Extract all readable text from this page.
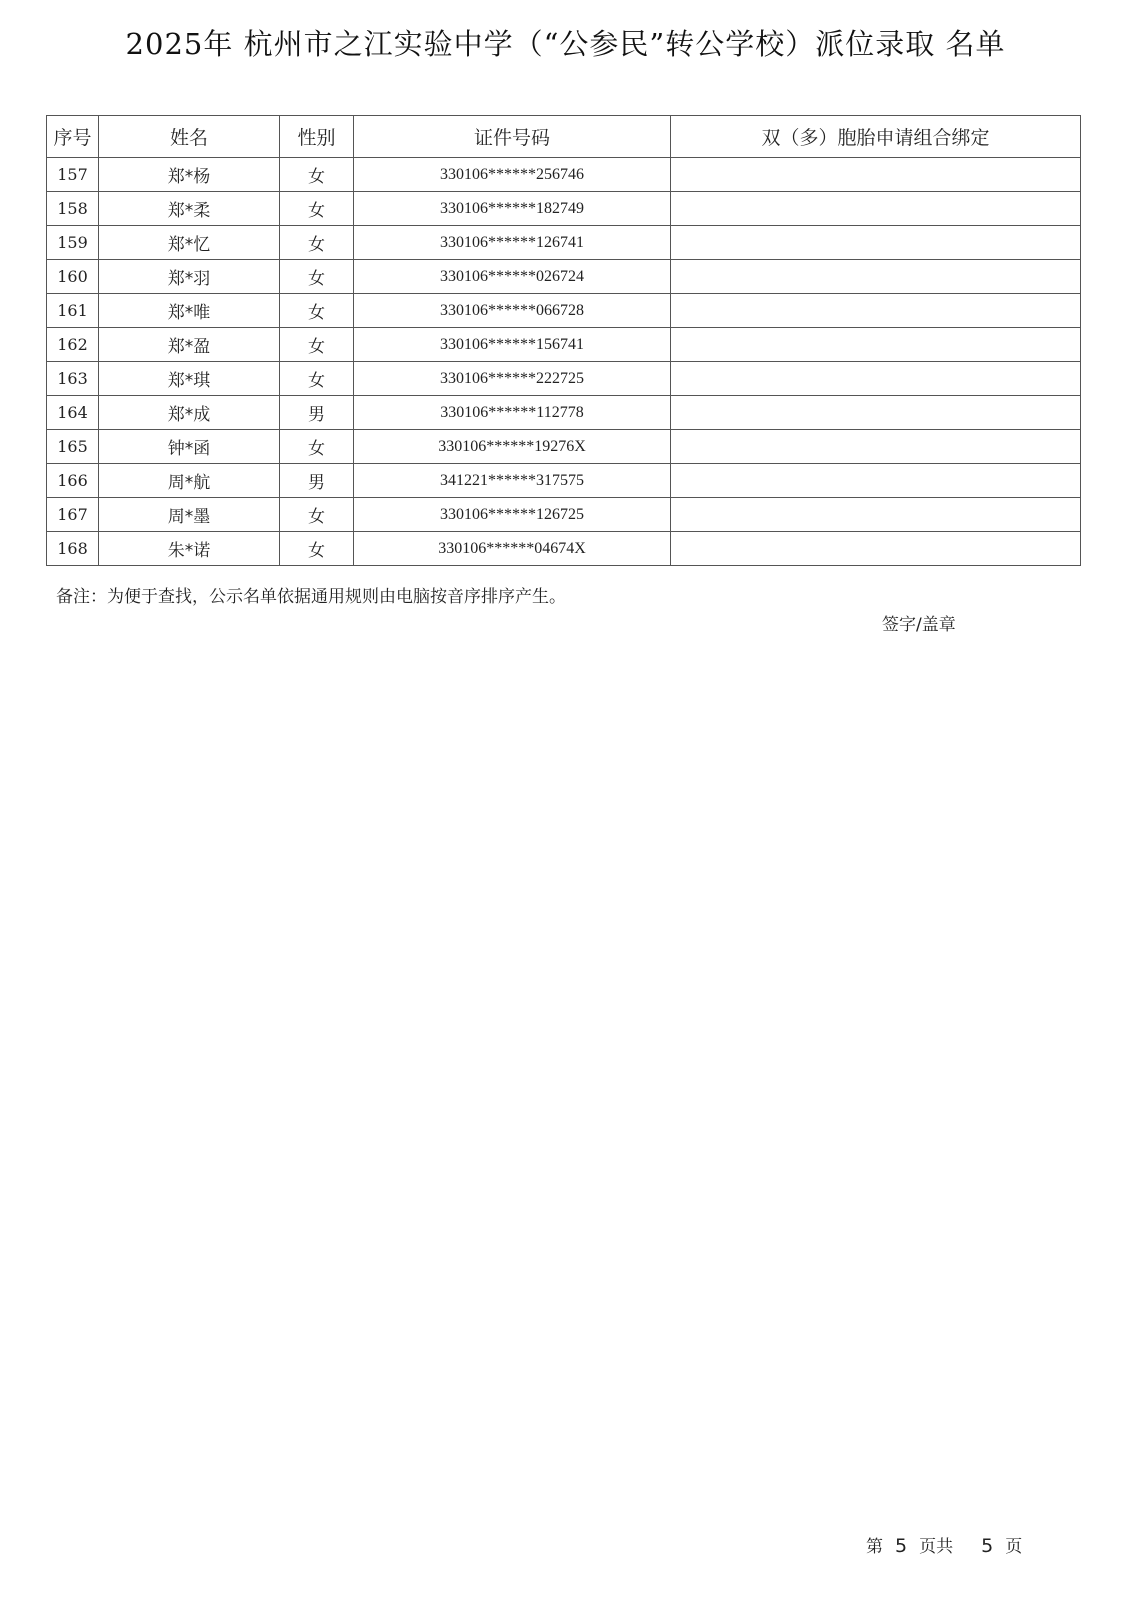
2025年 杭州市之江实验中学（“公参民”转公学校）派位录取 名单
序号	姓名	性别	证件号码	双（多）胞胎申请组合绑定
157	郑*杨	女	330106******256746	
158	郑*柔	女	330106******182749	
159	郑*忆	女	330106******126741	
160	郑*羽	女	330106******026724	
161	郑*唯	女	330106******066728	
162	郑*盈	女	330106******156741	
163	郑*琪	女	330106******222725	
164	郑*成	男	330106******112778	
165	钟*函	女	330106******19276X	
166	周*航	男	341221******317575	
167	周*墨	女	330106******126725	
168	朱*诺	女	330106******04674X	
备注：为便于查找，公示名单依据通用规则由电脑按音序排序产生。
签字/盖章
第 5 页共 5 页
